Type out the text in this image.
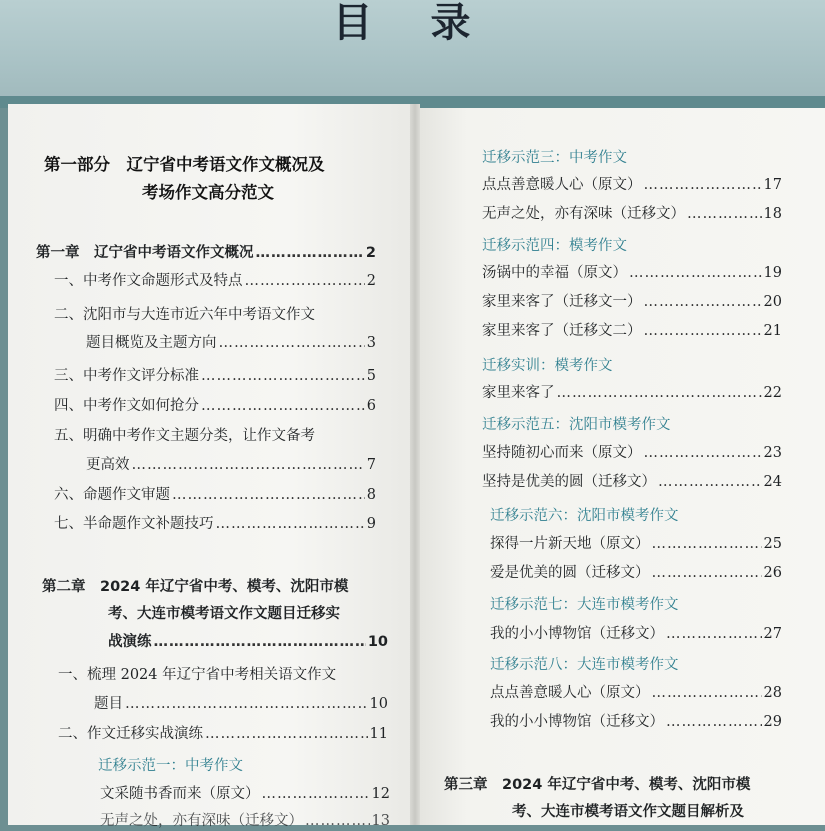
目 录
第一部分　辽宁省中考语文作文概况及
考场作文高分范文
第一章　辽宁省中考语文作文概况 ……………………………………………………………………………………………………………	2
一、中考作文命题形式及特点 ……………………………………………………………………………………………………………	2
二、沈阳市与大连市近六年中考语文作文
题目概览及主题方向 ……………………………………………………………………………………………………………	3
三、中考作文评分标准 ……………………………………………………………………………………………………………	5
四、中考作文如何抢分 ……………………………………………………………………………………………………………	6
五、明确中考作文主题分类，让作文备考
更高效 ……………………………………………………………………………………………………………	7
六、命题作文审题 ……………………………………………………………………………………………………………	8
七、半命题作文补题技巧 ……………………………………………………………………………………………………………	9
第二章　2024 年辽宁省中考、模考、沈阳市模
考、大连市模考语文作文题目迁移实
战演练 ……………………………………………………………………………………………………………	10
一、梳理 2024 年辽宁省中考相关语文作文
题目 ……………………………………………………………………………………………………………	10
二、作文迁移实战演练 ……………………………………………………………………………………………………………	11
迁移示范一：中考作文
文采随书香而来（原文） ……………………………………………………………………………………………………………	12
无声之处，亦有深味（迁移文） ……………………………………………………………………………………………………………	13
迁移示范三：中考作文
点点善意暖人心（原文） ……………………………………………………………………………………………………………	17
无声之处，亦有深味（迁移文） ……………………………………………………………………………………………………………	18
迁移示范四：模考作文
汤锅中的幸福（原文） ……………………………………………………………………………………………………………	19
家里来客了（迁移文一） ……………………………………………………………………………………………………………	20
家里来客了（迁移文二） ……………………………………………………………………………………………………………	21
迁移实训：模考作文
家里来客了 ……………………………………………………………………………………………………………	22
迁移示范五：沈阳市模考作文
坚持随初心而来（原文） ……………………………………………………………………………………………………………	23
坚持是优美的圆（迁移文） ……………………………………………………………………………………………………………	24
迁移示范六：沈阳市模考作文
探得一片新天地（原文） ……………………………………………………………………………………………………………	25
爱是优美的圆（迁移文） ……………………………………………………………………………………………………………	26
迁移示范七：大连市模考作文
我的小小博物馆（迁移文） ……………………………………………………………………………………………………………	27
迁移示范八：大连市模考作文
点点善意暖人心（原文） ……………………………………………………………………………………………………………	28
我的小小博物馆（迁移文） ……………………………………………………………………………………………………………	29
第三章　2024 年辽宁省中考、模考、沈阳市模
考、大连市模考语文作文题目解析及
